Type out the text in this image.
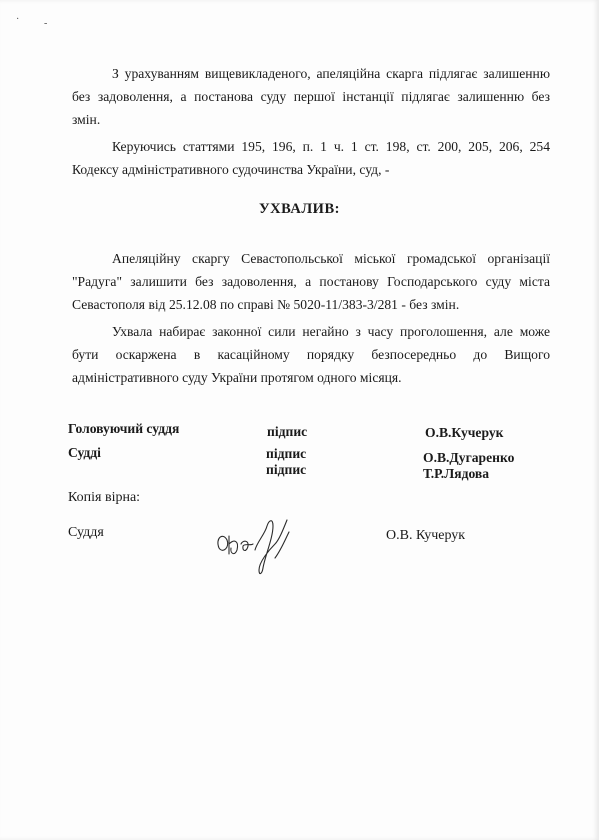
· -
З урахуванням вищевикладеного, апеляційна скарга підлягає залишенню
без задоволення, а постанова суду першої інстанції підлягає залишенню без
змін.
Керуючись статтями 195, 196, п. 1 ч. 1 ст. 198, ст. 200, 205, 206, 254
Кодексу адміністративного судочинства України, суд, -
УХВАЛИВ:
Апеляційну скаргу Севастопольської міської громадської організації
"Радуга" залишити без задоволення, а постанову Господарського суду міста
Севастополя від 25.12.08 по справі № 5020-11/383-3/281 - без змін.
Ухвала набирає законної сили негайно з часу проголошення, але може
бути оскаржена в касаційному порядку безпосередньо до Вищого
адміністративного суду України протягом одного місяця.
Головуючий суддя	підпис	О.В.Кучерук
Судді	підпис	О.В.Дугаренко
підпис	Т.Р.Лядова
Копія вірна:
Суддя	О.В. Кучерук
